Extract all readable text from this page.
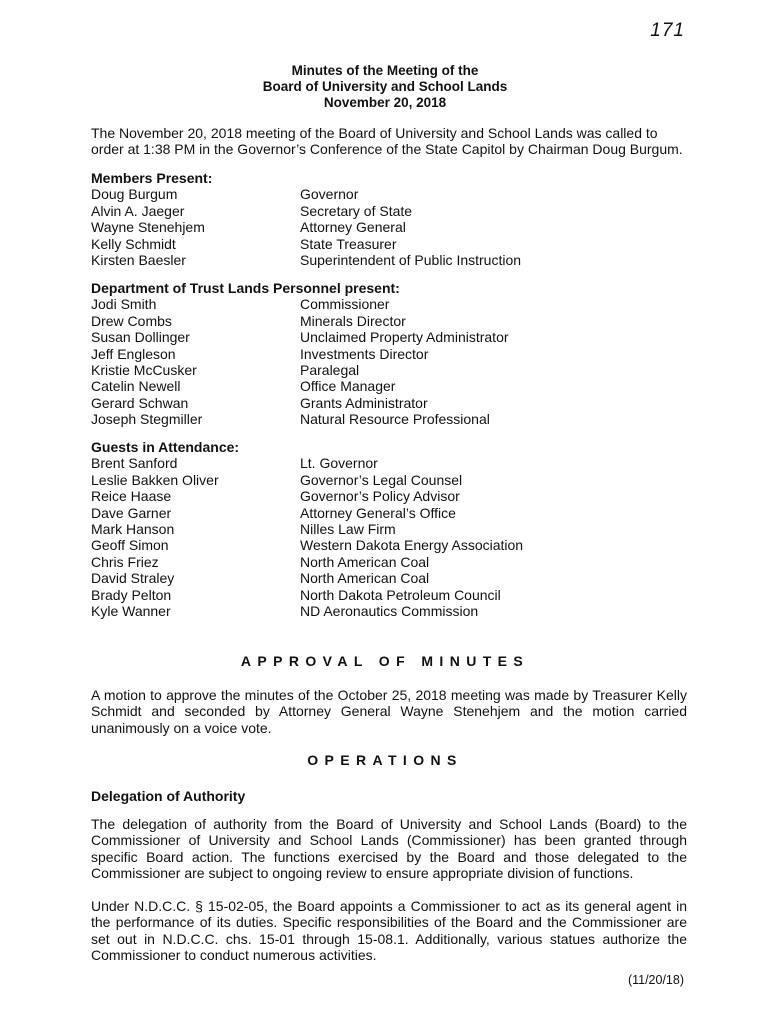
171
Minutes of the Meeting of the
Board of University and School Lands
November 20, 2018

The November 20, 2018 meeting of the Board of University and School Lands was called to order at 1:38 PM in the Governor’s Conference of the State Capitol by Chairman Doug Burgum.

Members Present:
Doug Burgum	Governor
Alvin A. Jaeger	Secretary of State
Wayne Stenehjem	Attorney General
Kelly Schmidt	State Treasurer
Kirsten Baesler	Superintendent of Public Instruction
Department of Trust Lands Personnel present:
Jodi Smith	Commissioner
Drew Combs	Minerals Director
Susan Dollinger	Unclaimed Property Administrator
Jeff Engleson	Investments Director
Kristie McCusker	Paralegal
Catelin Newell	Office Manager
Gerard Schwan	Grants Administrator
Joseph Stegmiller	Natural Resource Professional
Guests in Attendance:
Brent Sanford	Lt. Governor
Leslie Bakken Oliver	Governor’s Legal Counsel
Reice Haase	Governor’s Policy Advisor
Dave Garner	Attorney General’s Office
Mark Hanson	Nilles Law Firm
Geoff Simon	Western Dakota Energy Association
Chris Friez	North American Coal
David Straley	North American Coal
Brady Pelton	North Dakota Petroleum Council
Kyle Wanner	ND Aeronautics Commission
APPROVAL OF MINUTES

A motion to approve the minutes of the October 25, 2018 meeting was made by Treasurer Kelly Schmidt and seconded by Attorney General Wayne Stenehjem and the motion carried unanimously on a voice vote.

OPERATIONS
Delegation of Authority

The delegation of authority from the Board of University and School Lands (Board) to the Commissioner of University and School Lands (Commissioner) has been granted through specific Board action. The functions exercised by the Board and those delegated to the Commissioner are subject to ongoing review to ensure appropriate division of functions.

Under N.D.C.C. § 15-02-05, the Board appoints a Commissioner to act as its general agent in the performance of its duties. Specific responsibilities of the Board and the Commissioner are set out in N.D.C.C. chs. 15-01 through 15-08.1. Additionally, various statues authorize the Commissioner to conduct numerous activities.

(11/20/18)
